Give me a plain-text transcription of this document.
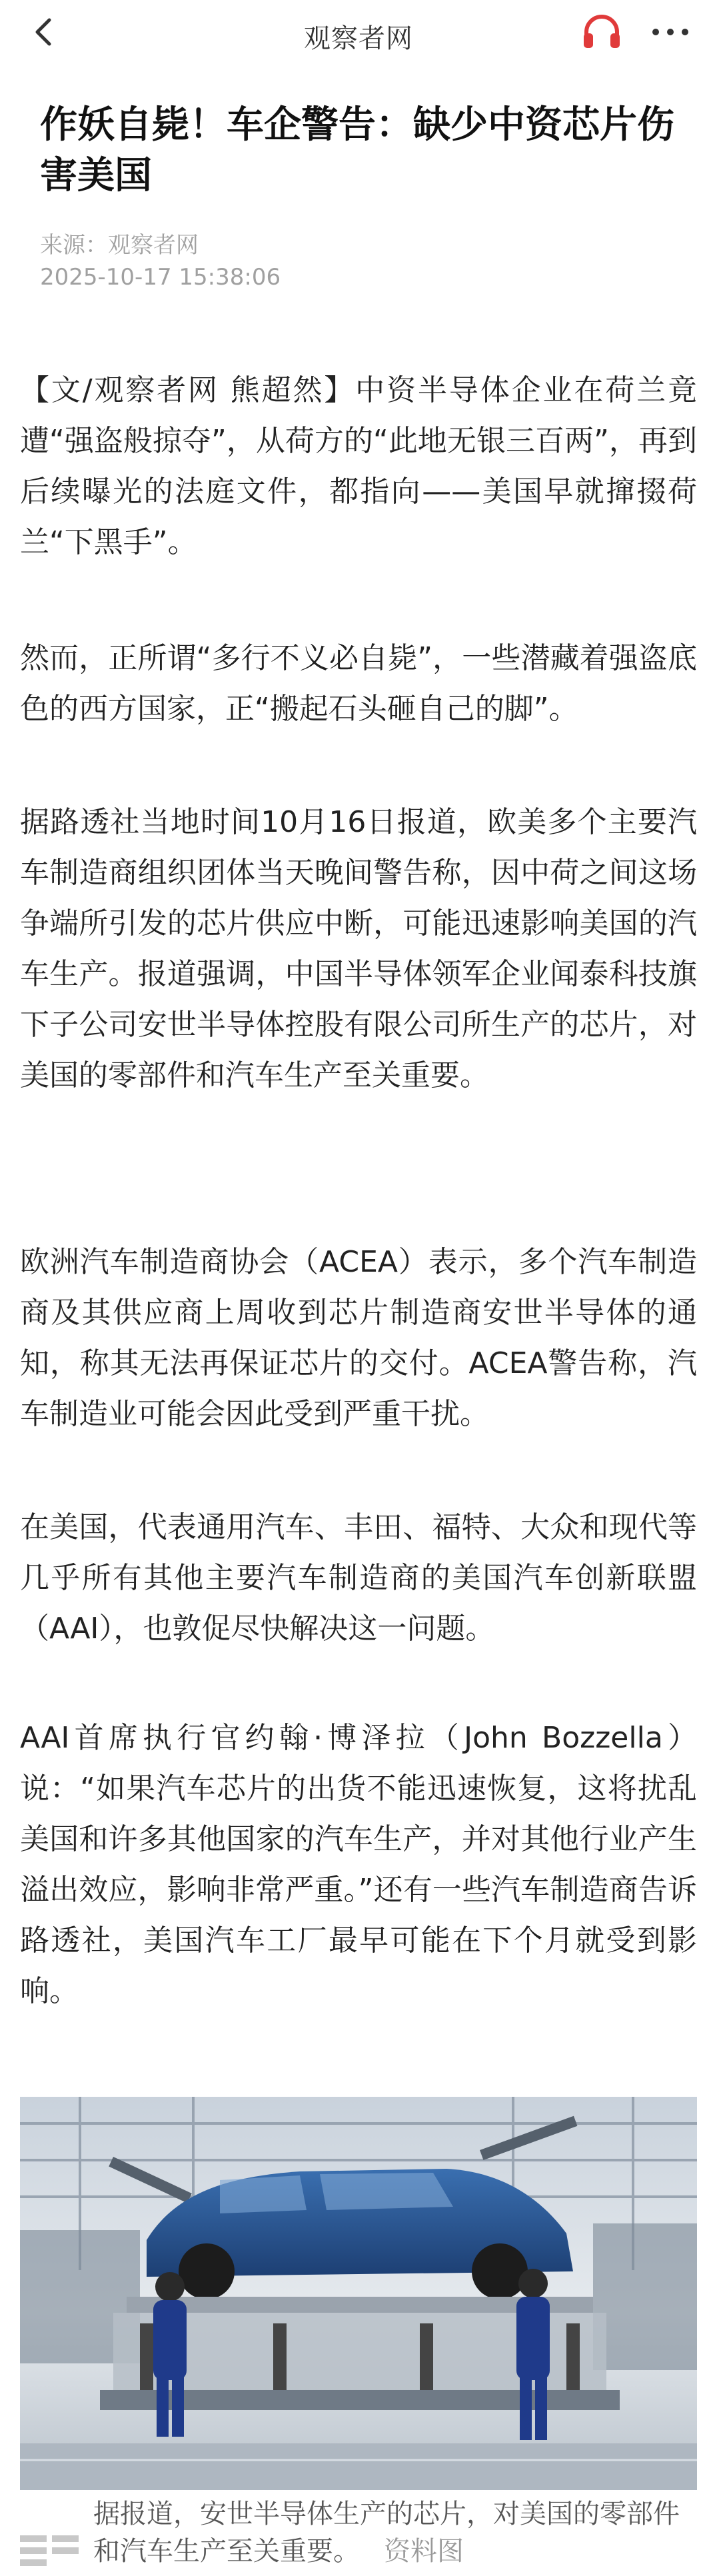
观察者网
作妖自毙！车企警告：缺少中资芯片伤害美国
来源：观察者网
2025-10-17 15:38:06

【文/观察者网 熊超然】中资半导体企业在荷兰竟遭“强盗般掠夺”，从荷方的“此地无银三百两”，再到后续曝光的法庭文件，都指向——美国早就撺掇荷兰“下黑手”。

然而，正所谓“多行不义必自毙”，一些潜藏着强盗底色的西方国家，正“搬起石头砸自己的脚”。

据路透社当地时间10月16日报道，欧美多个主要汽车制造商组织团体当天晚间警告称，因中荷之间这场争端所引发的芯片供应中断，可能迅速影响美国的汽车生产。报道强调，中国半导体领军企业闻泰科技旗下子公司安世半导体控股有限公司所生产的芯片，对美国的零部件和汽车生产至关重要。

欧洲汽车制造商协会（ACEA）表示，多个汽车制造商及其供应商上周收到芯片制造商安世半导体的通知，称其无法再保证芯片的交付。ACEA警告称，汽车制造业可能会因此受到严重干扰。

在美国，代表通用汽车、丰田、福特、大众和现代等几乎所有其他主要汽车制造商的美国汽车创新联盟（AAI），也敦促尽快解决这一问题。

AAI首席执行官约翰·博泽拉（John Bozzella）说：“如果汽车芯片的出货不能迅速恢复，这将扰乱美国和许多其他国家的汽车生产，并对其他行业产生溢出效应，影响非常严重。”还有一些汽车制造商告诉路透社，美国汽车工厂最早可能在下个月就受到影响。

据报道，安世半导体生产的芯片，对美国的零部件和汽车生产至关重要。 资料图
